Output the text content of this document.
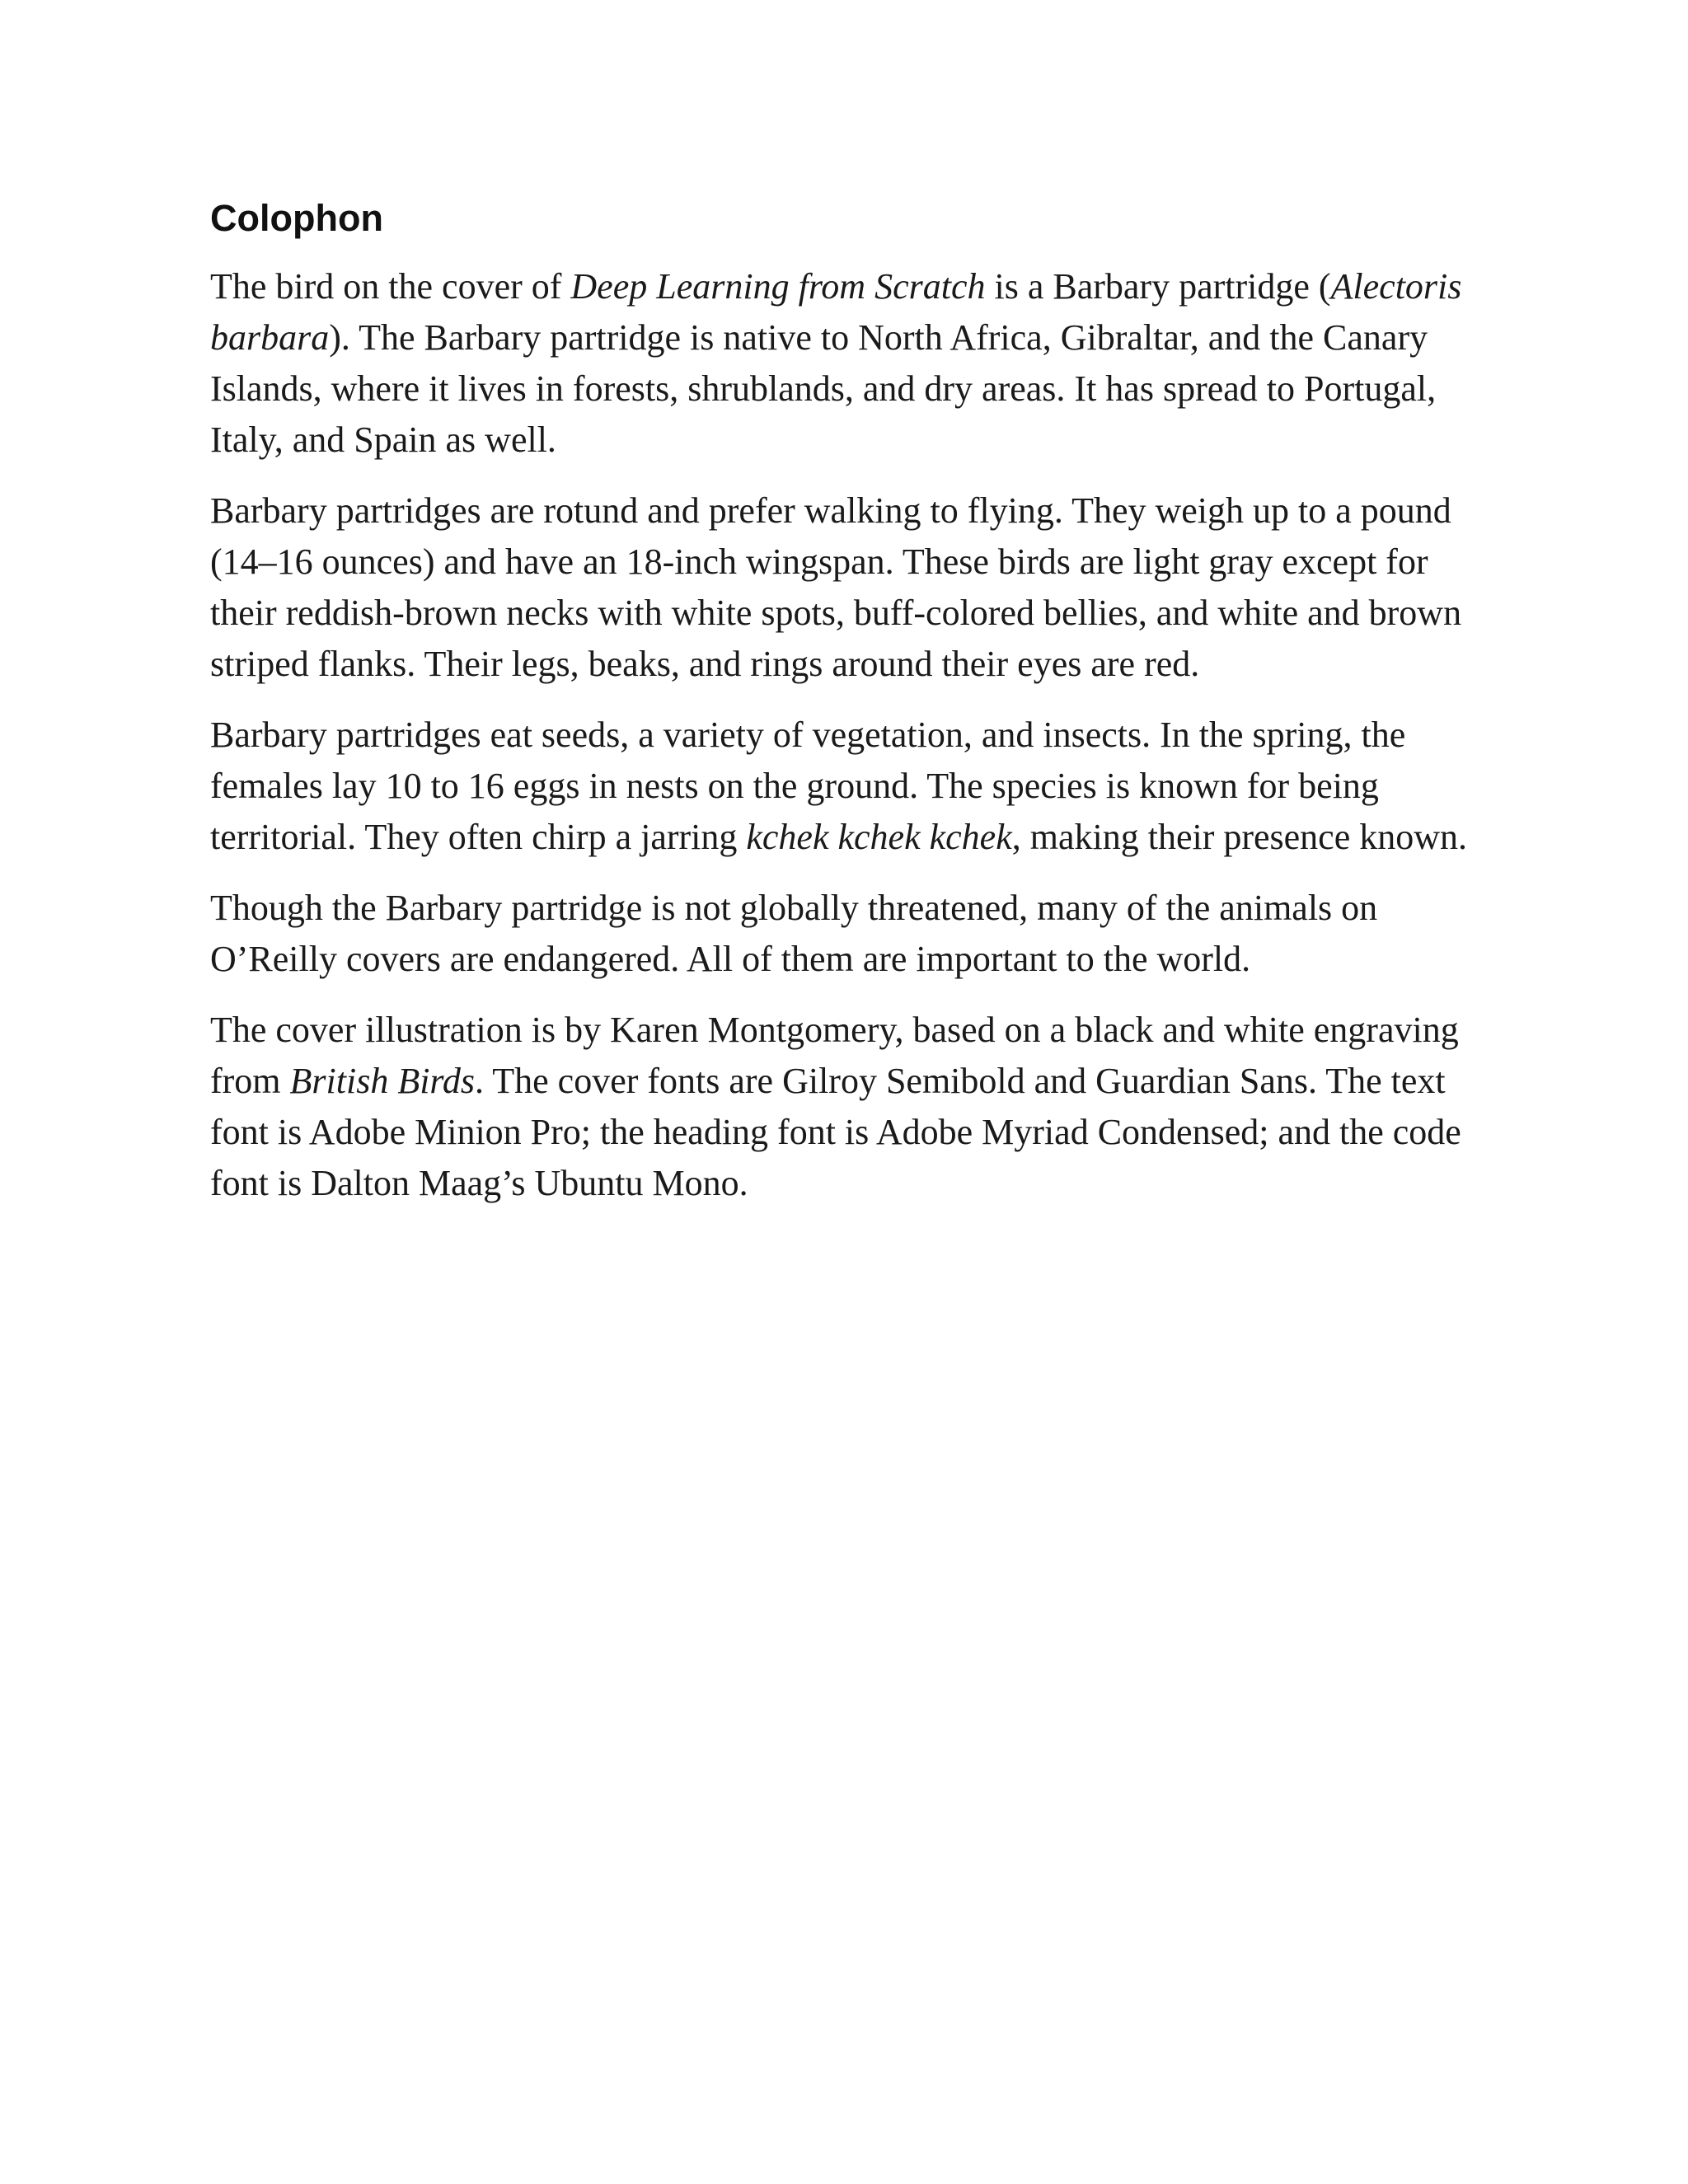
Colophon

The bird on the cover of Deep Learning from Scratch is a Barbary partridge (Alectoris barbara). The Barbary partridge is native to North Africa, Gibraltar, and the Canary Islands, where it lives in forests, shrublands, and dry areas. It has spread to Portugal, Italy, and Spain as well.

Barbary partridges are rotund and prefer walking to flying. They weigh up to a pound (14–16 ounces) and have an 18-inch wingspan. These birds are light gray except for their reddish-brown necks with white spots, buff-colored bellies, and white and brown striped flanks. Their legs, beaks, and rings around their eyes are red.

Barbary partridges eat seeds, a variety of vegetation, and insects. In the spring, the females lay 10 to 16 eggs in nests on the ground. The species is known for being territorial. They often chirp a jarring kchek kchek kchek, making their presence known.

Though the Barbary partridge is not globally threatened, many of the animals on O’Reilly covers are endangered. All of them are important to the world.

The cover illustration is by Karen Montgomery, based on a black and white engraving from British Birds. The cover fonts are Gilroy Semibold and Guardian Sans. The text font is Adobe Minion Pro; the heading font is Adobe Myriad Condensed; and the code font is Dalton Maag’s Ubuntu Mono.
